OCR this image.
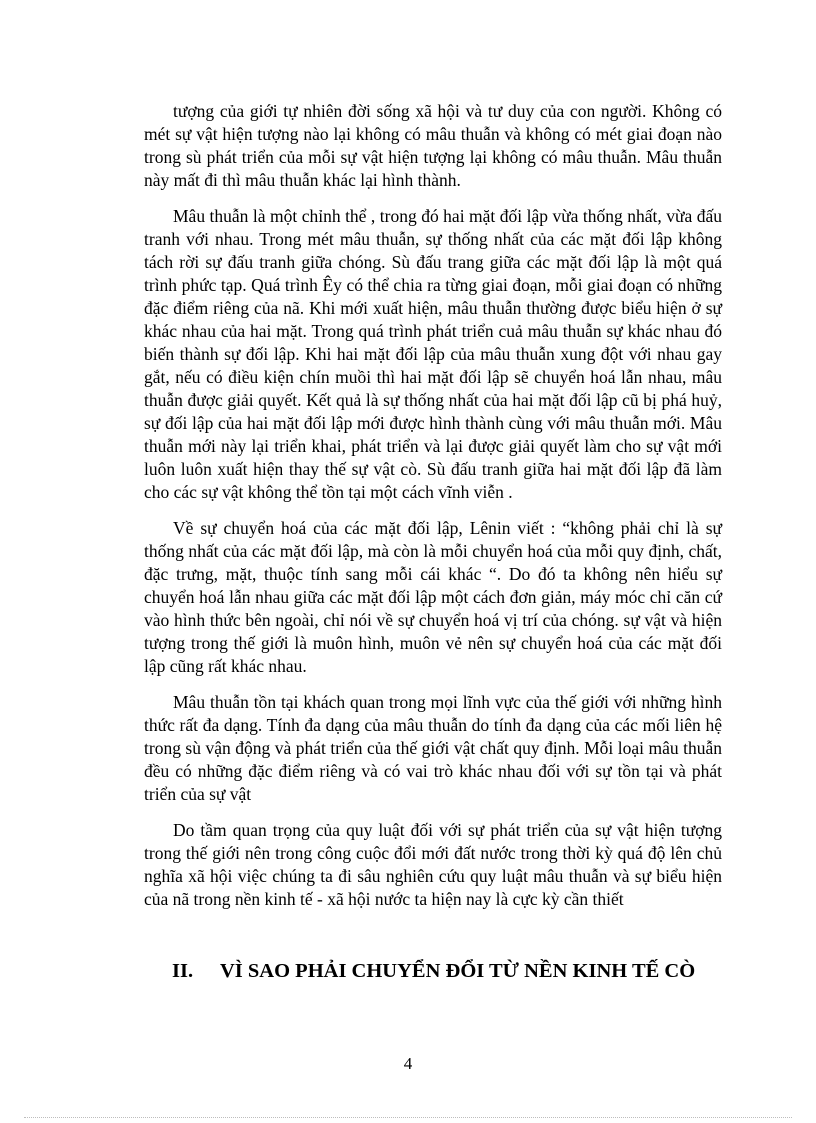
tượng của giới tự nhiên đời sống xã hội và tư duy của con người. Không có mét sự vật hiện tượng nào lại không có mâu thuẫn và không có mét giai đoạn nào trong sù phát triển của mỗi sự vật hiện tượng lại không có mâu thuẫn. Mâu thuẫn này mất đi thì mâu thuẫn khác lại hình thành.

Mâu thuẫn là một chỉnh thể , trong đó hai mặt đối lập vừa thống nhất, vừa đấu tranh với nhau. Trong mét mâu thuẫn, sự thống nhất của các mặt đối lập không tách rời sự đấu tranh giữa chóng. Sù đấu trang giữa các mặt đối lập là một quá trình phức tạp. Quá trình Êy có thể chia ra từng giai đoạn, mỗi giai đoạn có những đặc điểm riêng của nã. Khi mới xuất hiện, mâu thuẫn thường được biểu hiện ở sự khác nhau của hai mặt. Trong quá trình phát triển cuả mâu thuẫn sự khác nhau đó biến thành sự đối lập. Khi hai mặt đối lập của mâu thuẫn xung đột với nhau gay gắt, nếu có điều kiện chín muồi thì hai mặt đối lập sẽ chuyển hoá lẫn nhau, mâu thuẫn được giải quyết. Kết quả là sự thống nhất của hai mặt đối lập cũ bị phá huỷ, sự đối lập của hai mặt đối lập mới được hình thành cùng với mâu thuẫn mới. Mâu thuẫn mới này lại triển khai, phát triển và lại được giải quyết làm cho sự vật mới luôn luôn xuất hiện thay thế sự vật cò. Sù đấu tranh giữa hai mặt đối lập đã làm cho các sự vật không thể tồn tại một cách vĩnh viễn .

Về sự chuyển hoá của các mặt đối lập, Lênin viết : “không phải chỉ là sự thống nhất của các mặt đối lập, mà còn là mỗi chuyển hoá của mỗi quy định, chất, đặc trưng, mặt, thuộc tính sang mỗi cái khác “. Do đó ta không nên hiểu sự chuyển hoá lẫn nhau giữa các mặt đối lập một cách đơn giản, máy móc chỉ căn cứ vào hình thức bên ngoài, chỉ nói về sự chuyển hoá vị trí của chóng. sự vật và hiện tượng trong thế giới là muôn hình, muôn vẻ nên sự chuyển hoá của các mặt đối lập cũng rất khác nhau.

Mâu thuẫn tồn tại khách quan trong mọi lĩnh vực của thế giới với những hình thức rất đa dạng. Tính đa dạng của mâu thuẫn do tính đa dạng của các mối liên hệ trong sù vận động và phát triển của thế giới vật chất quy định. Mỗi loại mâu thuẫn đều có những đặc điểm riêng và có vai trò khác nhau đối với sự tồn tại và phát triển của sự vật

Do tầm quan trọng của quy luật đối với sự phát triển của sự vật hiện tượng trong thế giới nên trong công cuộc đổi mới đất nước trong thời kỳ quá độ lên chủ nghĩa xã hội việc chúng ta đi sâu nghiên cứu quy luật mâu thuẫn và sự biểu hiện của nã trong nền kinh tế - xã hội nước ta hiện nay là cực kỳ cần thiết

II.	VÌ SAO PHẢI CHUYỂN ĐỔI TỪ NỀN KINH TẾ CÒ
4
